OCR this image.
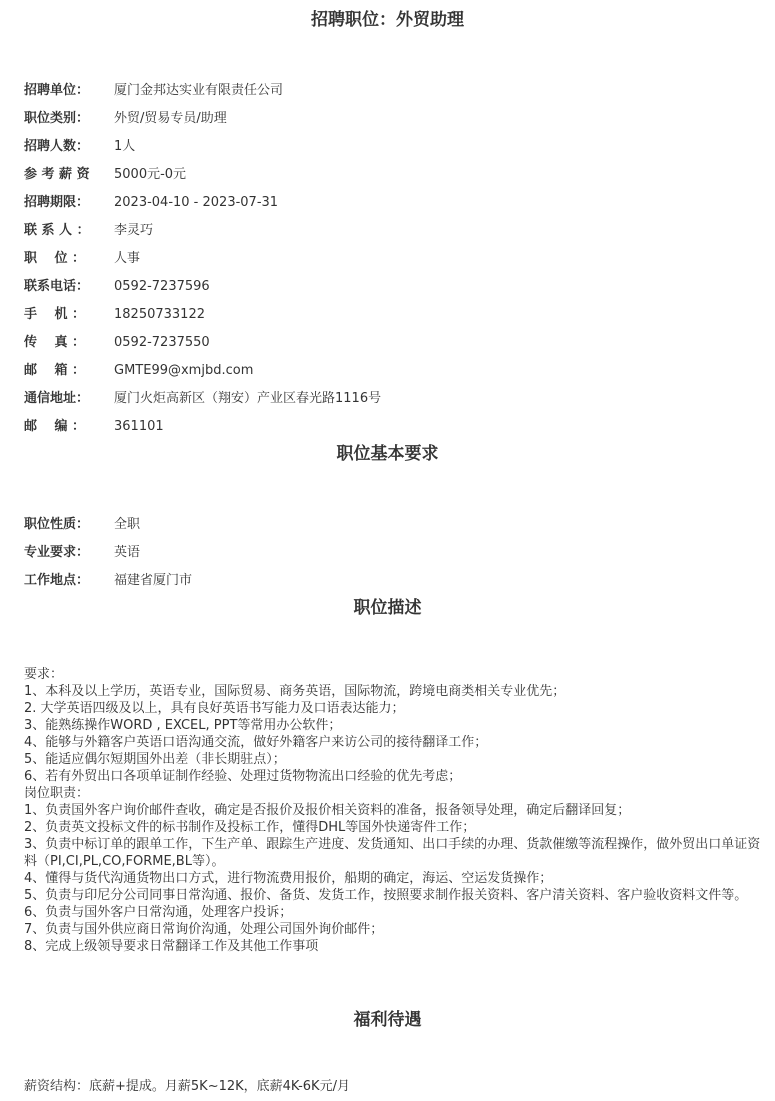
招聘职位：外贸助理
招聘单位： 厦门金邦达实业有限责任公司
职位类别： 外贸/贸易专员/助理
招聘人数： 1人
参 考 薪 资 5000元-0元
招聘期限： 2023-04-10 - 2023-07-31
联 系 人 ： 李灵巧
职　 位 ： 人事
联系电话： 0592-7237596
手　 机 ： 18250733122
传　 真 ： 0592-7237550
邮　 箱 ： GMTE99@xmjbd.com
通信地址： 厦门火炬高新区（翔安）产业区春光路1116号
邮　 编 ： 361101
职位基本要求
职位性质： 全职
专业要求： 英语
工作地点： 福建省厦门市
职位描述
要求：
1、本科及以上学历，英语专业，国际贸易、商务英语，国际物流，跨境电商类相关专业优先；
2. 大学英语四级及以上，具有良好英语书写能力及口语表达能力；
3、能熟练操作WORD , EXCEL, PPT等常用办公软件；
4、能够与外籍客户英语口语沟通交流，做好外籍客户来访公司的接待翻译工作；
5、能适应偶尔短期国外出差（非长期驻点）；
6、若有外贸出口各项单证制作经验、处理过货物物流出口经验的优先考虑；
岗位职责：
1、负责国外客户询价邮件查收，确定是否报价及报价相关资料的准备，报备领导处理，确定后翻译回复；
2、负责英文投标文件的标书制作及投标工作，懂得DHL等国外快递寄件工作；
3、负责中标订单的跟单工作，下生产单、跟踪生产进度、发货通知、出口手续的办理、货款催缴等流程操作，做外贸出口单证资料（PI,CI,PL,CO,FORME,BL等）。
4、懂得与货代沟通货物出口方式，进行物流费用报价，船期的确定，海运、空运发货操作；
5、负责与印尼分公司同事日常沟通、报价、备货、发货工作，按照要求制作报关资料、客户清关资料、客户验收资料文件等。
6、负责与国外客户日常沟通，处理客户投诉；
7、负责与国外供应商日常询价沟通，处理公司国外询价邮件；
8、完成上级领导要求日常翻译工作及其他工作事项
福利待遇
薪资结构：底薪+提成。月薪5K~12K，底薪4K-6K元/月
